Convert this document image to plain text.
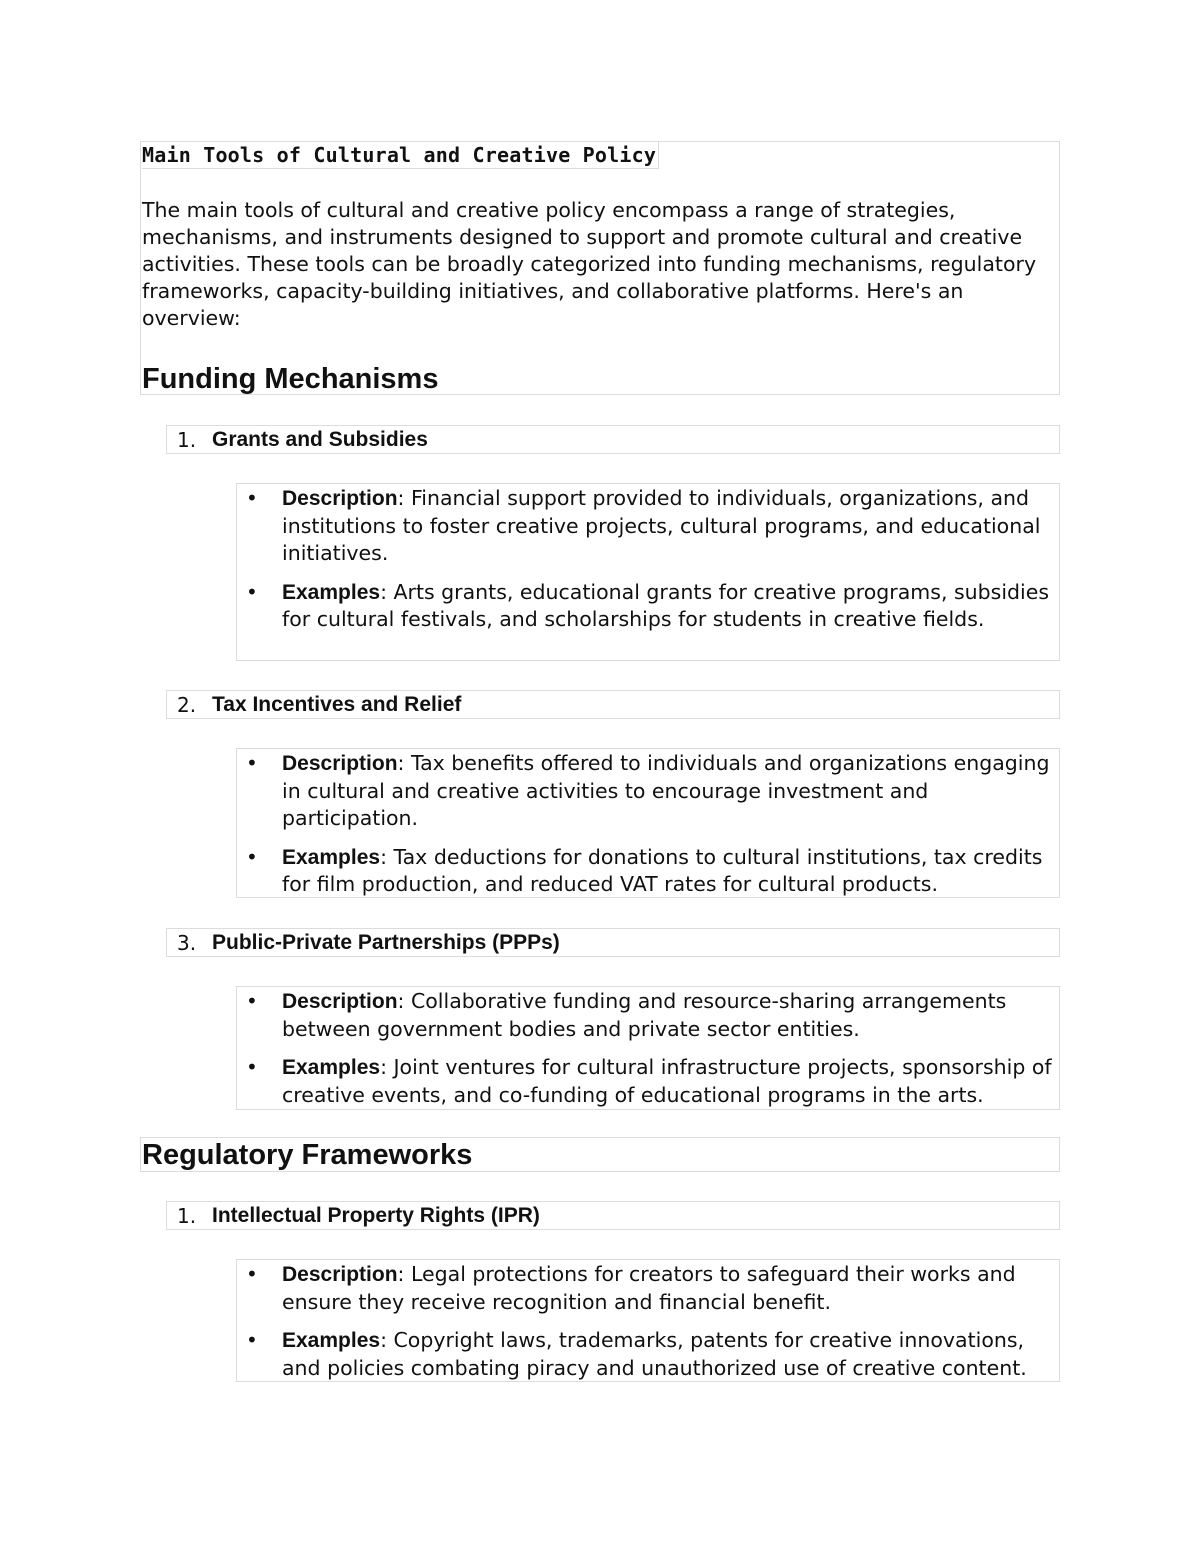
Main Tools of Cultural and Creative Policy
The main tools of cultural and creative policy encompass a range of strategies, mechanisms, and instruments designed to support and promote cultural and creative activities. These tools can be broadly categorized into funding mechanisms, regulatory frameworks, capacity-building initiatives, and collaborative platforms. Here's an overview:
Funding Mechanisms
1. Grants and Subsidies
• Description: Financial support provided to individuals, organizations, and institutions to foster creative projects, cultural programs, and educational initiatives.
• Examples: Arts grants, educational grants for creative programs, subsidies for cultural festivals, and scholarships for students in creative fields.
2. Tax Incentives and Relief
• Description: Tax benefits offered to individuals and organizations engaging in cultural and creative activities to encourage investment and participation.
• Examples: Tax deductions for donations to cultural institutions, tax credits for film production, and reduced VAT rates for cultural products.
3. Public-Private Partnerships (PPPs)
• Description: Collaborative funding and resource-sharing arrangements between government bodies and private sector entities.
• Examples: Joint ventures for cultural infrastructure projects, sponsorship of creative events, and co-funding of educational programs in the arts.
Regulatory Frameworks
1. Intellectual Property Rights (IPR)
• Description: Legal protections for creators to safeguard their works and ensure they receive recognition and financial benefit.
• Examples: Copyright laws, trademarks, patents for creative innovations, and policies combating piracy and unauthorized use of creative content.
